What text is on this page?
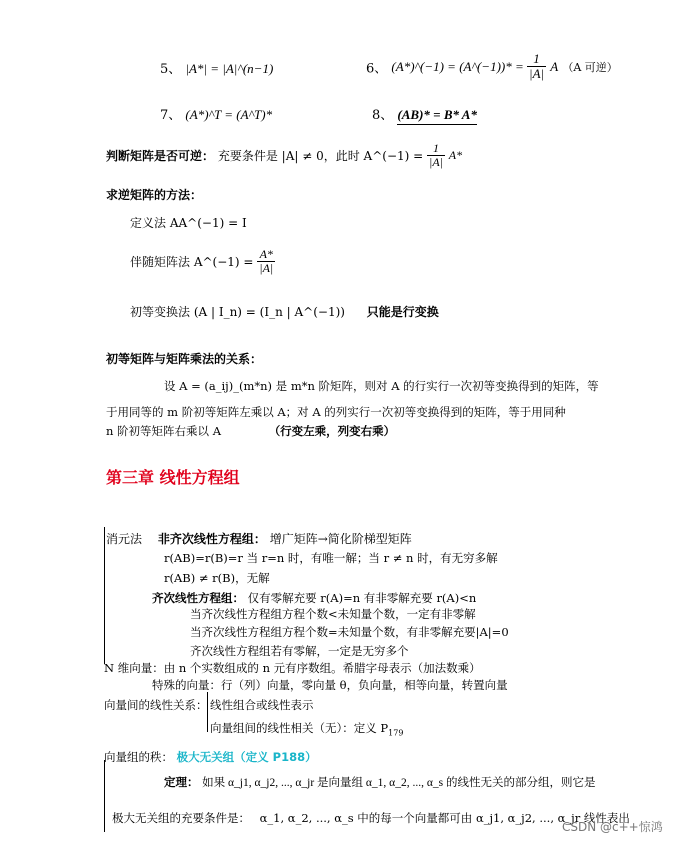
5、 |A*| = |A|^(n−1)	6、 (A*)^(−1) = (A^(−1))* = $\frac{1}{|A|}$ A （A 可逆）
7、 (A*)^T = (A^T)*	8、 (AB)* = B* A*
判断矩阵是否可逆： 充要条件是 |A| ≠ 0，此时 A^(−1) = $\frac{1}{|A|} A*$
求逆矩阵的方法：
定义法 AA^(−1) = I
伴随矩阵法 A^(−1) = $\frac{A*}{|A|}$
初等变换法 (A | I_n) = (I_n | A^(−1)) 只能是行变换
初等矩阵与矩阵乘法的关系：
设 A = (a_ij)_(m*n) 是 m*n 阶矩阵，则对 A 的行实行一次初等变换得到的矩阵，等
于用同等的 m 阶初等矩阵左乘以 A；对 A 的列实行一次初等变换得到的矩阵，等于用同种
n 阶初等矩阵右乘以 A	（行变左乘，列变右乘）
第三章 线性方程组
消元法 非齐次线性方程组： 增广矩阵→简化阶梯型矩阵
r(AB)=r(B)=r 当 r=n 时，有唯一解；当 r ≠ n 时，有无穷多解
r(AB) ≠ r(B)，无解
齐次线性方程组： 仅有零解充要 r(A)=n 有非零解充要 r(A)<n
当齐次线性方程组方程个数<未知量个数，一定有非零解
当齐次线性方程组方程个数=未知量个数，有非零解充要|A|=0
齐次线性方程组若有零解，一定是无穷多个
N 维向量：由 n 个实数组成的 n 元有序数组。希腊字母表示（加法数乘）
特殊的向量：行（列）向量，零向量 θ，负向量，相等向量，转置向量
向量间的线性关系： 线性组合或线性表示
向量组间的线性相关（无）：定义 $P_{179}$
向量组的秩： 极大无关组（定义 P188）
定理： 如果 α_j1, α_j2, ..., α_jr 是向量组 α_1, α_2, ..., α_s 的线性无关的部分组，则它是
极大无关组的充要条件是： α_1, α_2, ..., α_s 中的每一个向量都可由 α_j1, α_j2, ..., α_jr 线性表出
CSDN @c++惊鸿
